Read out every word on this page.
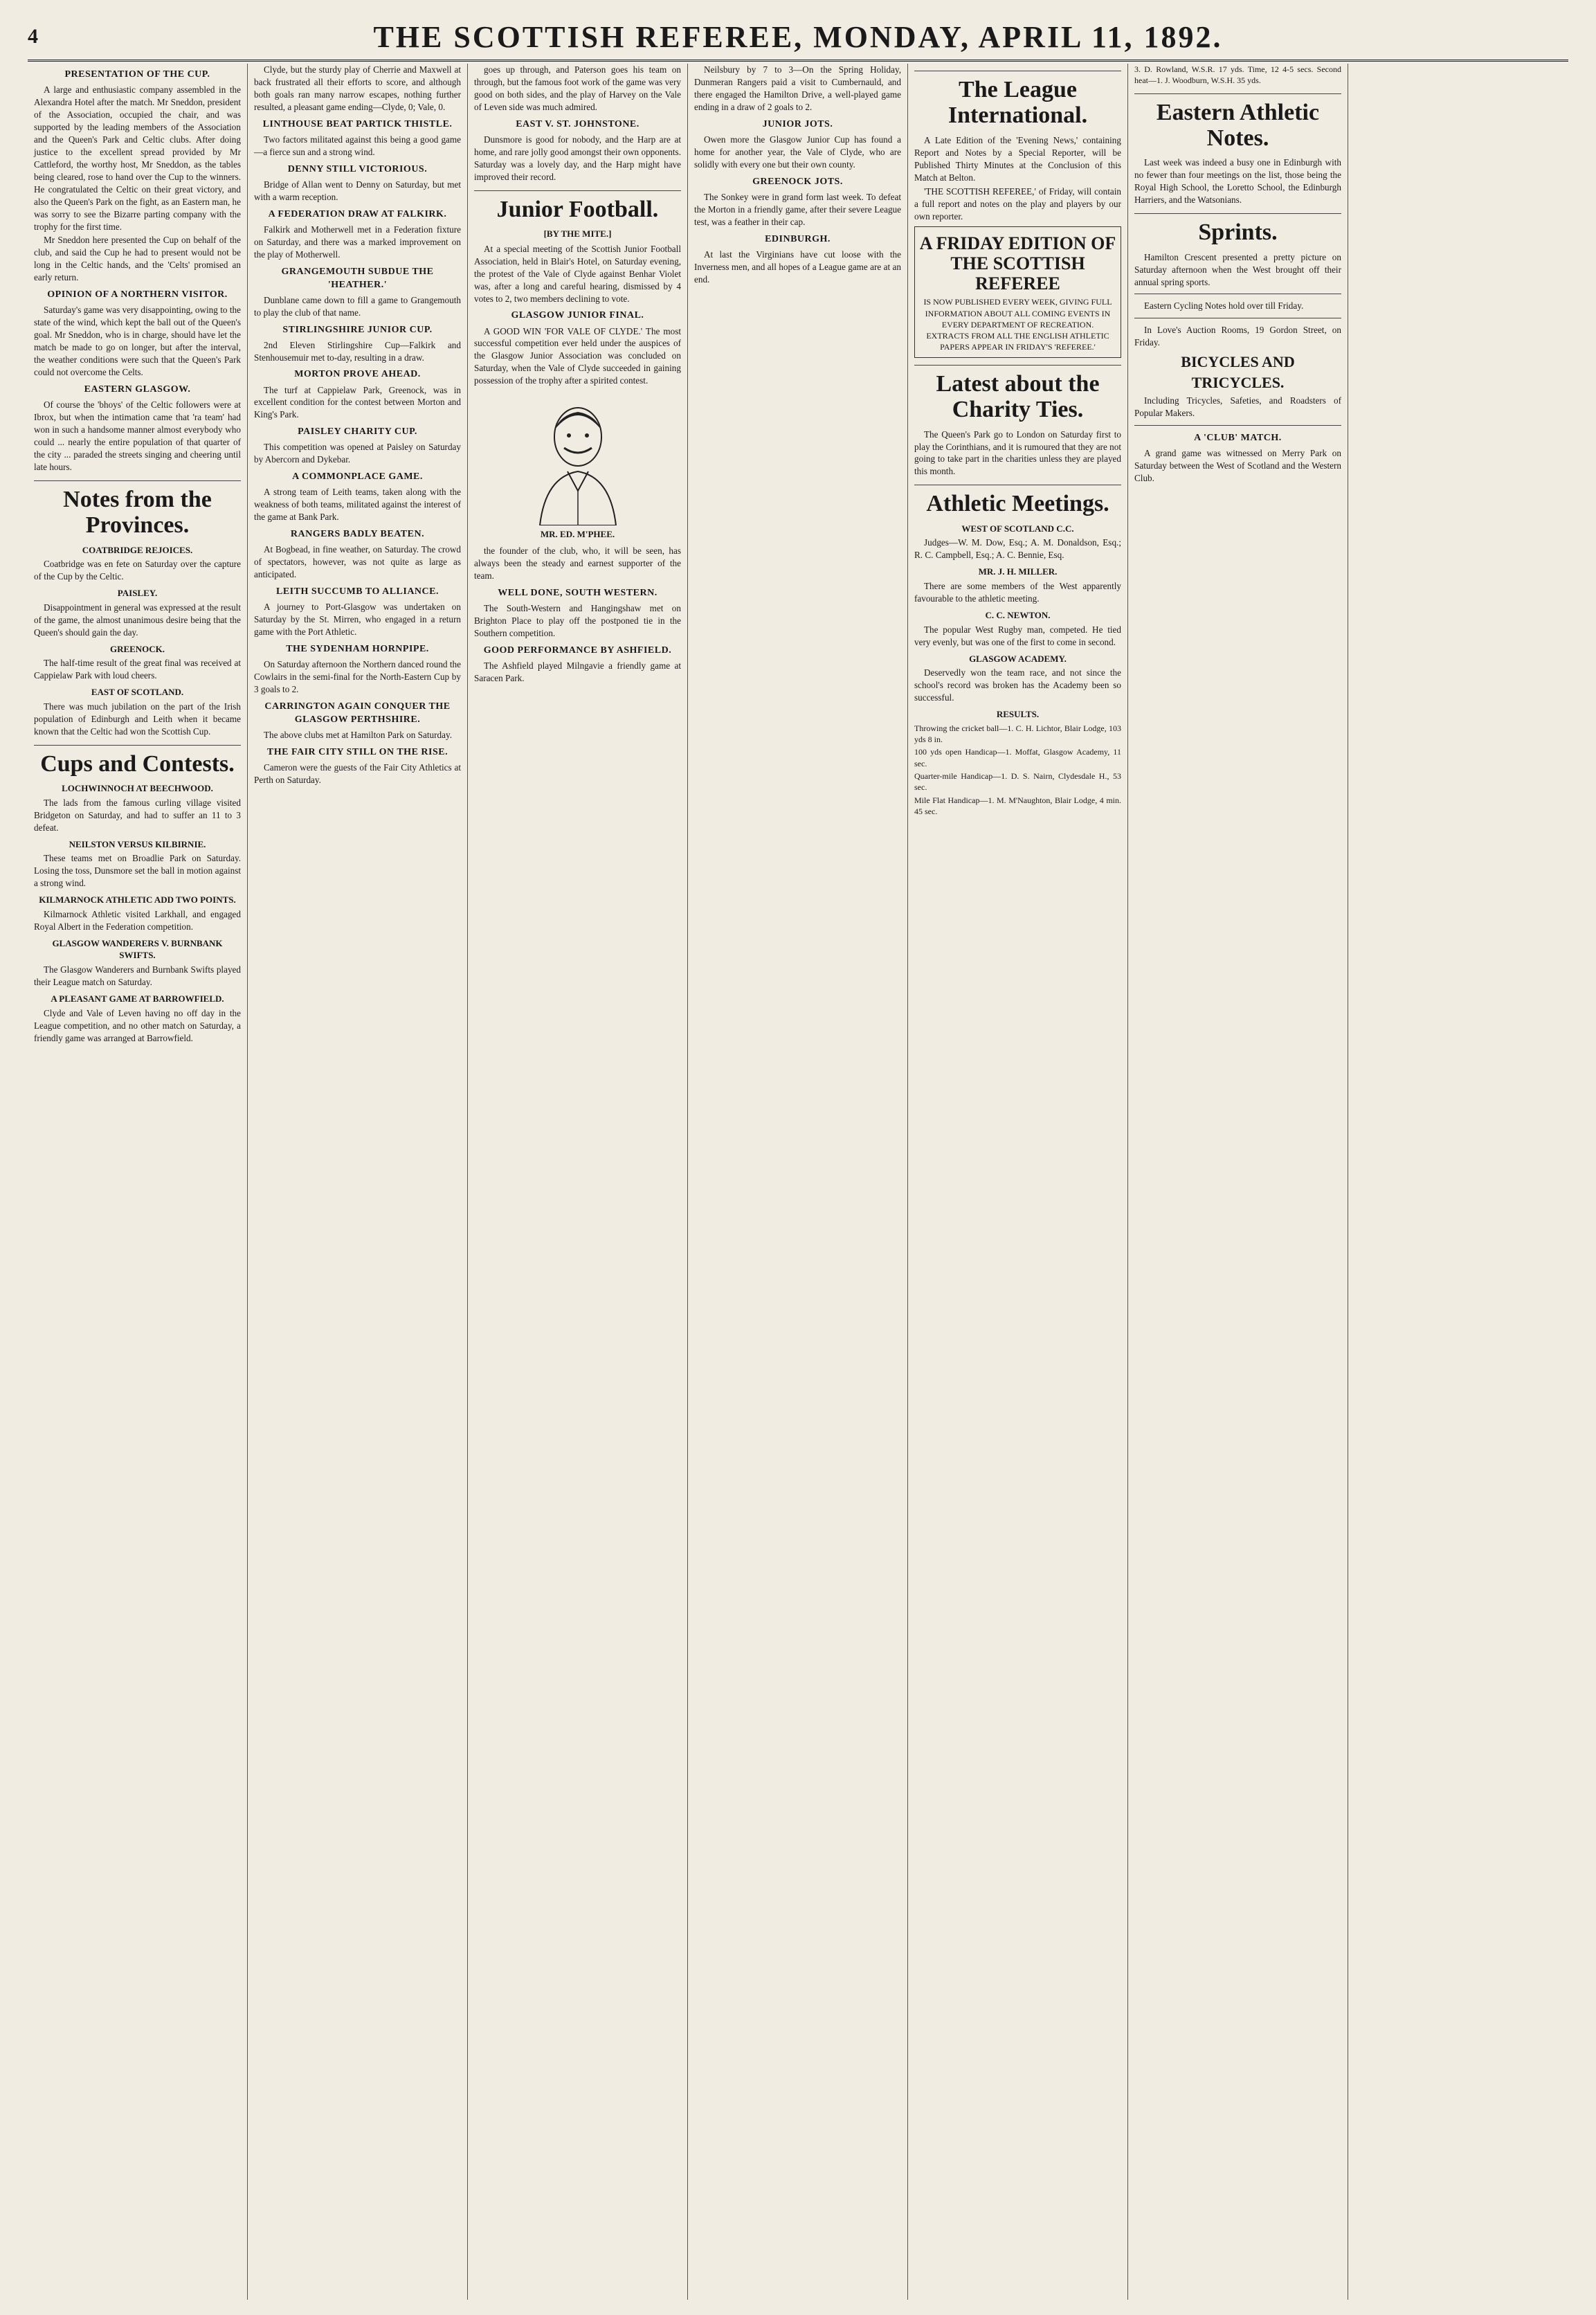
4	THE SCOTTISH REFEREE, MONDAY, APRIL 11, 1892.
PRESENTATION OF THE CUP.

A large and enthusiastic company assembled in the Alexandra Hotel after the match. Mr Sneddon, president of the Association, occupied the chair, and was supported by the leading members of the Association and the Queen's Park and Celtic clubs. After doing justice to the excellent spread provided by Mr Cattleford, the worthy host, Mr Sneddon, as the tables being cleared, rose to hand over the Cup to the winners. He congratulated the Celtic on their great victory, and also the Queen's Park on the fight, as an Eastern man, he was sorry to see the Bizarre parting company with the trophy for the first time.

Mr Sneddon here presented the Cup on behalf of the club, and said the Cup he had to present would not be long in the Celtic hands, and the 'Celts' promised an early return.

OPINION OF A NORTHERN VISITOR.

Saturday's game was very disappointing, owing to the state of the wind, which kept the ball out of the Queen's goal. Mr Sneddon, who is in charge, should have let the match be made to go on longer, but after the interval, the weather conditions were such that the Queen's Park could not overcome the Celts.

EASTERN GLASGOW.

Of course the 'bhoys' of the Celtic followers were at Ibrox, but when the intimation came that 'ra team' had won in such a handsome manner almost everybody who could ... nearly the entire population of that quarter of the city ... paraded the streets singing and cheering until late hours.

Notes from the Provinces.
COATBRIDGE REJOICES.

Coatbridge was en fete on Saturday over the capture of the Cup by the Celtic.

PAISLEY.

Disappointment in general was expressed at the result of the game, the almost unanimous desire being that the Queen's should gain the day.

GREENOCK.

The half-time result of the great final was received at Cappielaw Park with loud cheers.

EAST OF SCOTLAND.

There was much jubilation on the part of the Irish population of Edinburgh and Leith when it became known that the Celtic had won the Scottish Cup.

Cups and Contests.
LOCHWINNOCH AT BEECHWOOD.

The lads from the famous curling village visited Bridgeton on Saturday, and had to suffer an 11 to 3 defeat.

NEILSTON VERSUS KILBIRNIE.

These teams met on Broadlie Park on Saturday. Losing the toss, Dunsmore set the ball in motion against a strong wind.

KILMARNOCK ATHLETIC ADD TWO POINTS.

Kilmarnock Athletic visited Larkhall, and engaged Royal Albert in the Federation competition.

GLASGOW WANDERERS V. BURNBANK SWIFTS.

The Glasgow Wanderers and Burnbank Swifts played their League match on Saturday.

A PLEASANT GAME AT BARROWFIELD.

Clyde and Vale of Leven having no off day in the League competition, and no other match on Saturday, a friendly game was arranged at Barrowfield.

Clyde, but the sturdy play of Cherrie and Maxwell at back frustrated all their efforts to score, and although both goals ran many narrow escapes, nothing further resulted, a pleasant game ending—Clyde, 0; Vale, 0.

LINTHOUSE BEAT PARTICK THISTLE.

Two factors militated against this being a good game—a fierce sun and a strong wind.

DENNY STILL VICTORIOUS.

Bridge of Allan went to Denny on Saturday, but met with a warm reception.

A FEDERATION DRAW AT FALKIRK.

Falkirk and Motherwell met in a Federation fixture on Saturday, and there was a marked improvement on the play of Motherwell.

GRANGEMOUTH SUBDUE THE 'HEATHER.'

Dunblane came down to fill a game to Grangemouth to play the club of that name.

STIRLINGSHIRE JUNIOR CUP.

2nd Eleven Stirlingshire Cup—Falkirk and Stenhousemuir met to-day, resulting in a draw.

MORTON PROVE AHEAD.

The turf at Cappielaw Park, Greenock, was in excellent condition for the contest between Morton and King's Park.

PAISLEY CHARITY CUP.

This competition was opened at Paisley on Saturday by Abercorn and Dykebar.

A COMMONPLACE GAME.

A strong team of Leith teams, taken along with the weakness of both teams, militated against the interest of the game at Bank Park.

RANGERS BADLY BEATEN.

At Bogbead, in fine weather, on Saturday. The crowd of spectators, however, was not quite as large as anticipated.

LEITH SUCCUMB TO ALLIANCE.

A journey to Port-Glasgow was undertaken on Saturday by the St. Mirren, who engaged in a return game with the Port Athletic.

THE SYDENHAM HORNPIPE.

On Saturday afternoon the Northern danced round the Cowlairs in the semi-final for the North-Eastern Cup by 3 goals to 2.

CARRINGTON AGAIN CONQUER THE GLASGOW PERTHSHIRE.

The above clubs met at Hamilton Park on Saturday.

THE FAIR CITY STILL ON THE RISE.

Cameron were the guests of the Fair City Athletics at Perth on Saturday.

goes up through, and Paterson goes his team on through, but the famous foot work of the game was very good on both sides, and the play of Harvey on the Vale of Leven side was much admired.

EAST V. ST. JOHNSTONE.

Dunsmore is good for nobody, and the Harp are at home, and rare jolly good amongst their own opponents. Saturday was a lovely day, and the Harp might have improved their record.

Junior Football.
[BY THE MITE.]

At a special meeting of the Scottish Junior Football Association, held in Blair's Hotel, on Saturday evening, the protest of the Vale of Clyde against Benhar Violet was, after a long and careful hearing, dismissed by 4 votes to 2, two members declining to vote.

GLASGOW JUNIOR FINAL.

A GOOD WIN 'FOR VALE OF CLYDE.' The most successful competition ever held under the auspices of the Glasgow Junior Association was concluded on Saturday, when the Vale of Clyde succeeded in gaining possession of the trophy after a spirited contest.

MR. ED. M'PHEE.

the founder of the club, who, it will be seen, has always been the steady and earnest supporter of the team.

WELL DONE, SOUTH WESTERN.

The South-Western and Hangingshaw met on Brighton Place to play off the postponed tie in the Southern competition.

GOOD PERFORMANCE BY ASHFIELD.

The Ashfield played Milngavie a friendly game at Saracen Park.

Neilsbury by 7 to 3—On the Spring Holiday, Dunmeran Rangers paid a visit to Cumbernauld, and there engaged the Hamilton Drive, a well-played game ending in a draw of 2 goals to 2.

JUNIOR JOTS.

Owen more the Glasgow Junior Cup has found a home for another year, the Vale of Clyde, who are solidly with every one but their own county.

GREENOCK JOTS.

The Sonkey were in grand form last week. To defeat the Morton in a friendly game, after their severe League test, was a feather in their cap.

EDINBURGH.

At last the Virginians have cut loose with the Inverness men, and all hopes of a League game are at an end.

The League International.

A Late Edition of the 'Evening News,' containing Report and Notes by a Special Reporter, will be Published Thirty Minutes at the Conclusion of this Match at Belton.

'THE SCOTTISH REFEREE,' of Friday, will contain a full report and notes on the play and players by our own reporter.

A FRIDAY EDITION OF THE SCOTTISH REFEREE
IS NOW PUBLISHED EVERY WEEK, GIVING FULL INFORMATION ABOUT ALL COMING EVENTS IN EVERY DEPARTMENT OF RECREATION.
EXTRACTS FROM ALL THE ENGLISH ATHLETIC PAPERS APPEAR IN FRIDAY'S 'REFEREE.'
Latest about the Charity Ties.

The Queen's Park go to London on Saturday first to play the Corinthians, and it is rumoured that they are not going to take part in the charities unless they are played this month.

Athletic Meetings.
WEST OF SCOTLAND C.C.

Judges—W. M. Dow, Esq.; A. M. Donaldson, Esq.; R. C. Campbell, Esq.; A. C. Bennie, Esq.

MR. J. H. MILLER.

There are some members of the West apparently favourable to the athletic meeting.

C. C. NEWTON.

The popular West Rugby man, competed. He tied very evenly, but was one of the first to come in second.

GLASGOW ACADEMY.

Deservedly won the team race, and not since the school's record was broken has the Academy been so successful.

RESULTS.

Throwing the cricket ball—1. C. H. Lichtor, Blair Lodge, 103 yds 8 in.

100 yds open Handicap—1. Moffat, Glasgow Academy, 11 sec.

Quarter-mile Handicap—1. D. S. Nairn, Clydesdale H., 53 sec.

Mile Flat Handicap—1. M. M'Naughton, Blair Lodge, 4 min. 45 sec.

3. D. Rowland, W.S.R. 17 yds. Time, 12 4-5 secs. Second heat—1. J. Woodburn, W.S.H. 35 yds.

Eastern Athletic Notes.

Last week was indeed a busy one in Edinburgh with no fewer than four meetings on the list, those being the Royal High School, the Loretto School, the Edinburgh Harriers, and the Watsonians.

Sprints.

Hamilton Crescent presented a pretty picture on Saturday afternoon when the West brought off their annual spring sports.

Eastern Cycling Notes hold over till Friday.

In Love's Auction Rooms, 19 Gordon Street, on Friday.

BICYCLES AND TRICYCLES.

Including Tricycles, Safeties, and Roadsters of Popular Makers.

A 'CLUB' MATCH.

A grand game was witnessed on Merry Park on Saturday between the West of Scotland and the Western Club.
